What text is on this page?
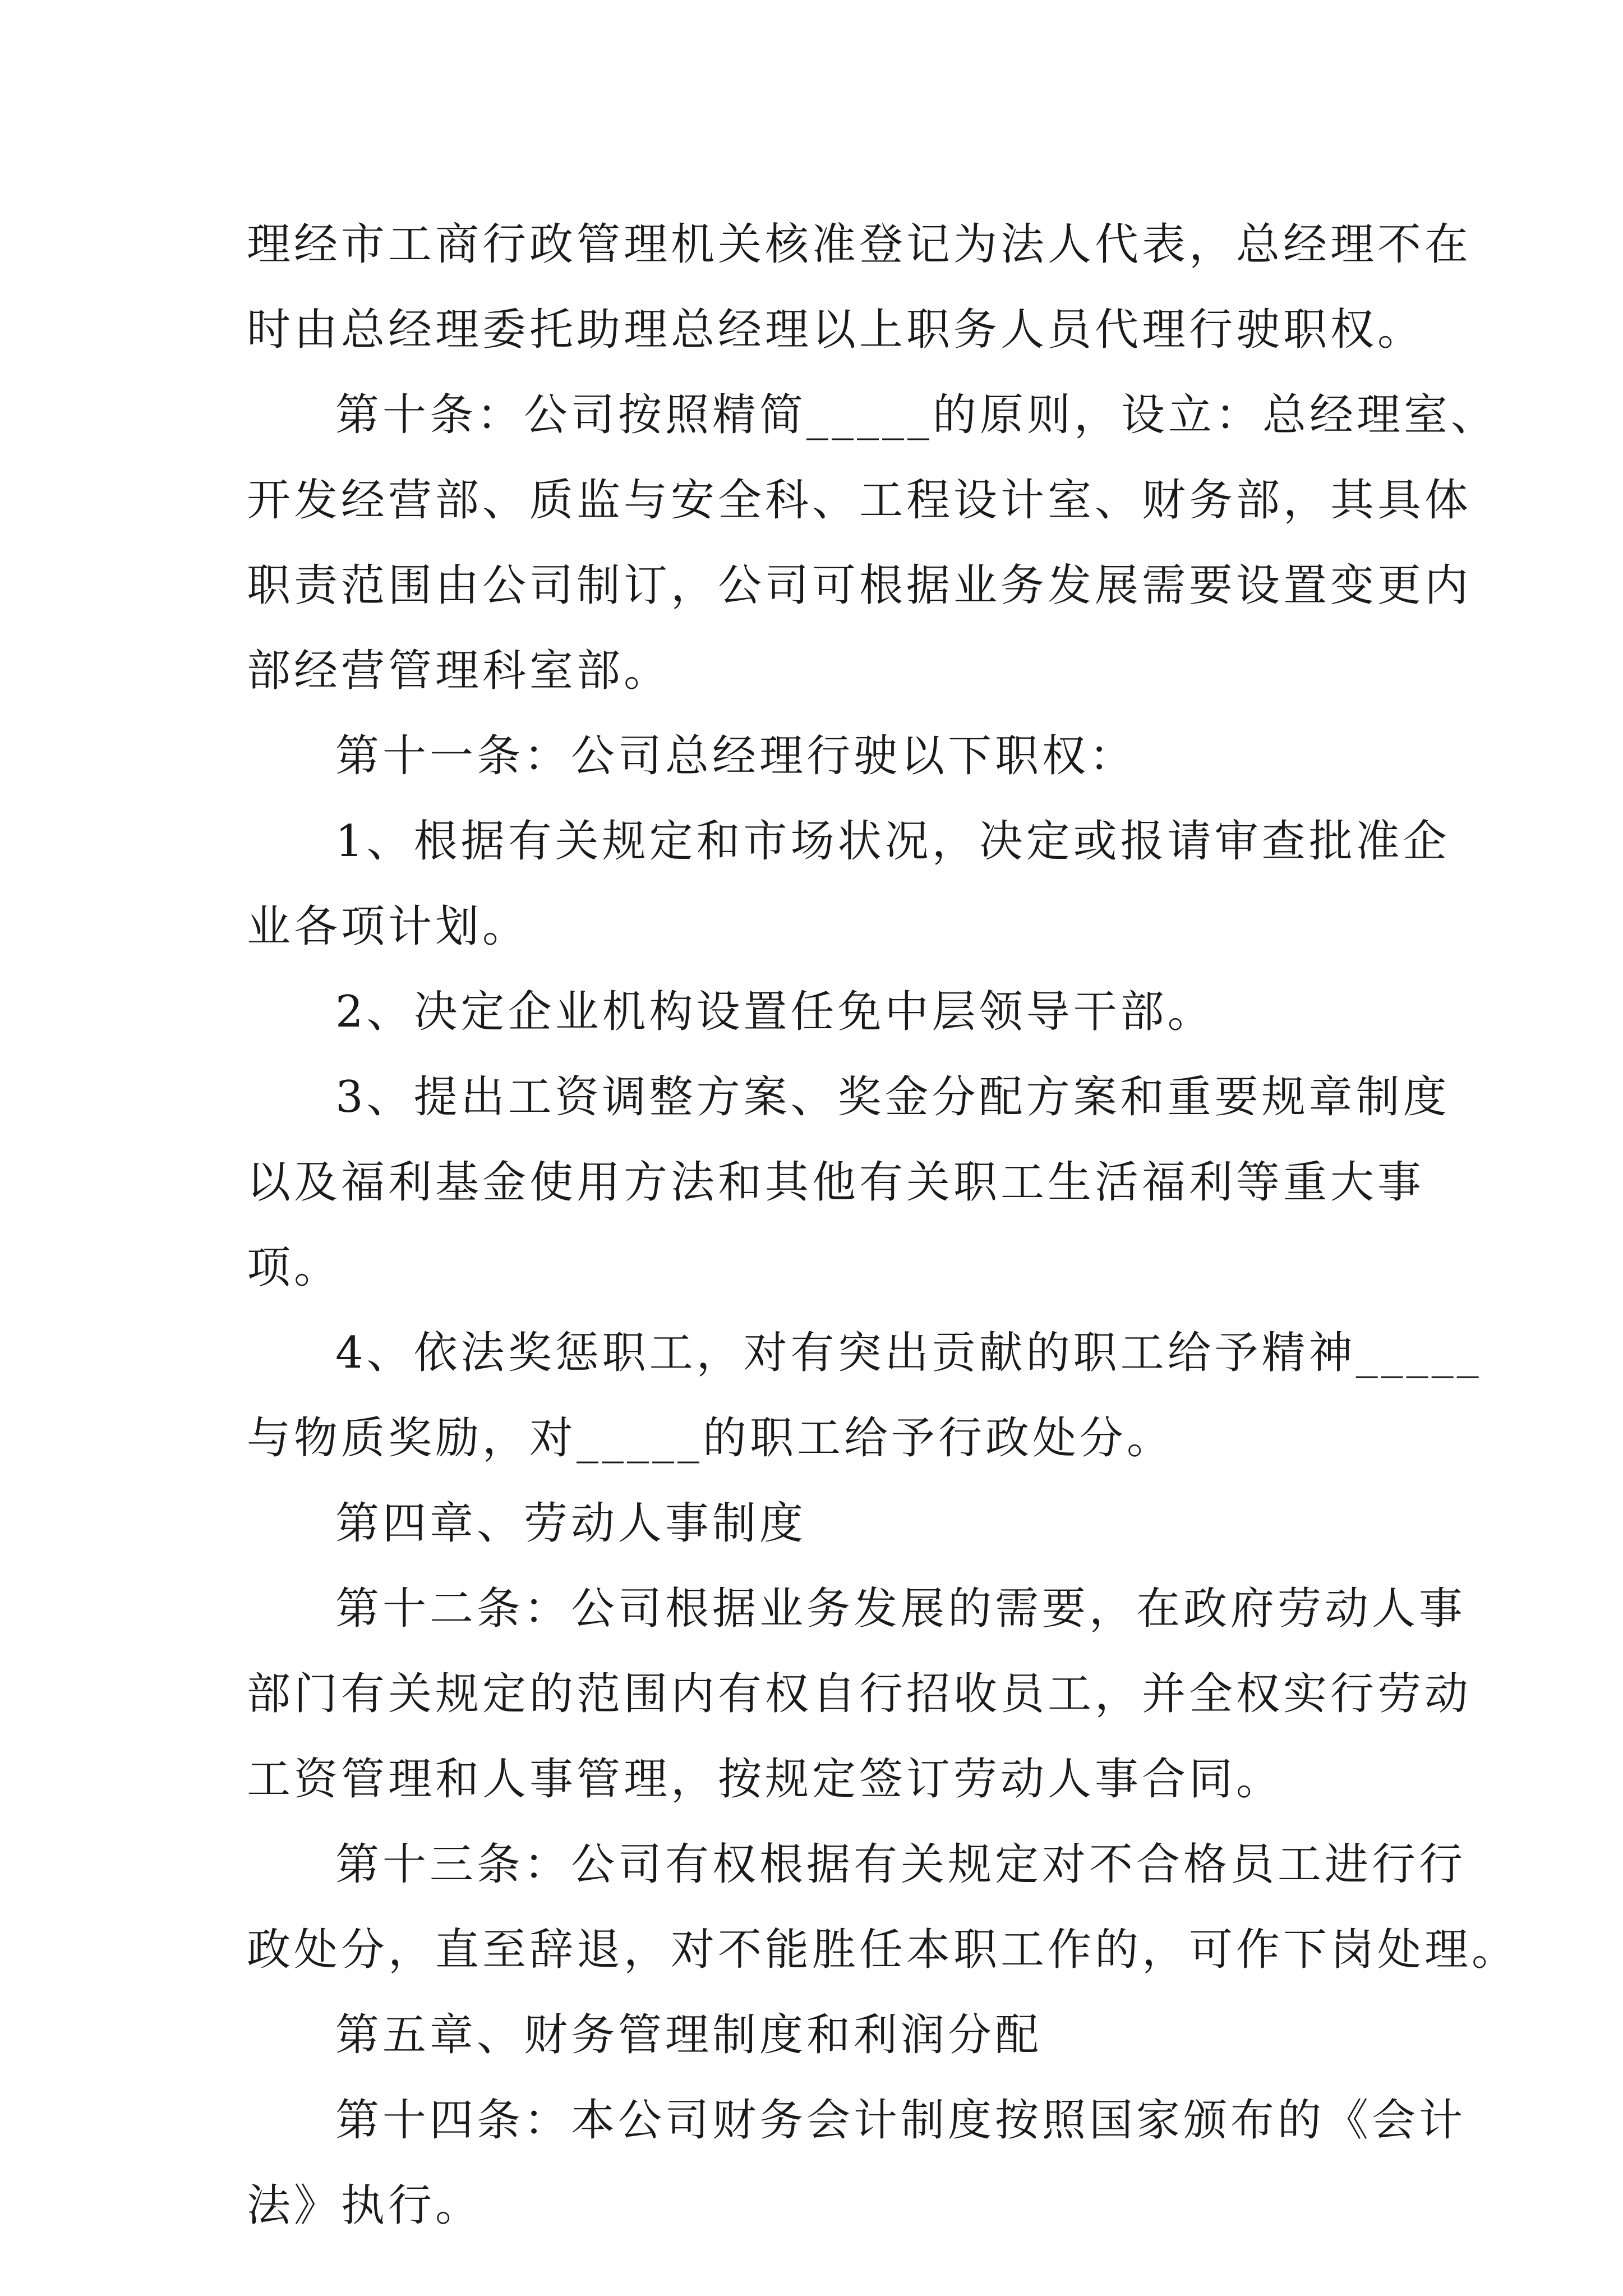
理经市工商行政管理机关核准登记为法人代表，总经理不在
时由总经理委托助理总经理以上职务人员代理行驶职权。
第十条：公司按照精简_____的原则，设立：总经理室、
开发经营部、质监与安全科、工程设计室、财务部，其具体
职责范围由公司制订，公司可根据业务发展需要设置变更内
部经营管理科室部。
第十一条：公司总经理行驶以下职权：
1、根据有关规定和市场状况，决定或报请审查批准企
业各项计划。
2、决定企业机构设置任免中层领导干部。
3、提出工资调整方案、奖金分配方案和重要规章制度
以及福利基金使用方法和其他有关职工生活福利等重大事
项。
4、依法奖惩职工，对有突出贡献的职工给予精神_____
与物质奖励，对_____的职工给予行政处分。
第四章、劳动人事制度
第十二条：公司根据业务发展的需要，在政府劳动人事
部门有关规定的范围内有权自行招收员工，并全权实行劳动
工资管理和人事管理，按规定签订劳动人事合同。
第十三条：公司有权根据有关规定对不合格员工进行行
政处分，直至辞退，对不能胜任本职工作的，可作下岗处理。
第五章、财务管理制度和利润分配
第十四条：本公司财务会计制度按照国家颁布的《会计
法》执行。
